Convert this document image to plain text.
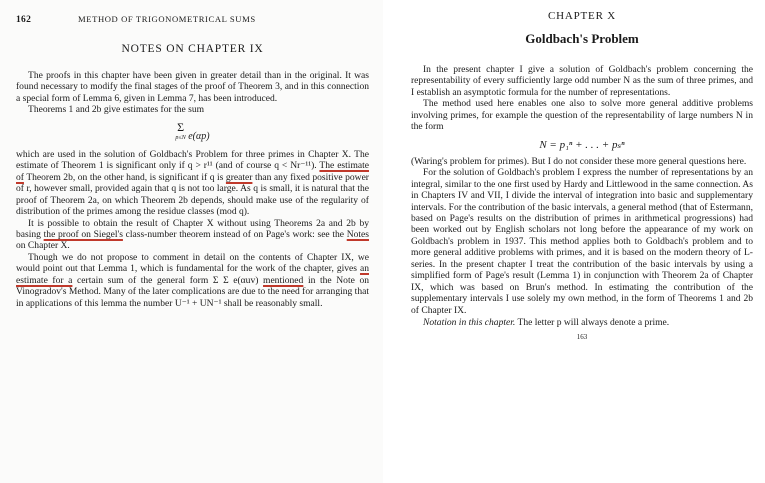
162	METHOD OF TRIGONOMETRICAL SUMS
NOTES ON CHAPTER IX

The proofs in this chapter have been given in greater detail than in the original. It was found necessary to modify the final stages of the proof of Theorem 3, and in this connection a special form of Lemma 6, given in Lemma 7, has been introduced.

Theorems 1 and 2b give estimates for the sum

Σ
p≤N e(αp)

which are used in the solution of Goldbach's Problem for three primes in Chapter X. The estimate of Theorem 1 is significant only if q > r¹¹ (and of course q < Nr⁻¹¹). The estimate of Theorem 2b, on the other hand, is significant if q is greater than any fixed positive power of r, however small, provided again that q is not too large. As q is small, it is natural that the proof of Theorem 2a, on which Theorem 2b depends, should make use of the regularity of distribution of the primes among the residue classes (mod q).

It is possible to obtain the result of Chapter X without using Theorems 2a and 2b by basing the proof on Siegel's class-number theorem instead of on Page's work: see the Notes on Chapter X.

Though we do not propose to comment in detail on the contents of Chapter IX, we would point out that Lemma 1, which is fundamental for the work of the chapter, gives an estimate for a certain sum of the general form Σ Σ e(αuv) mentioned in the Note on Vinogradov's Method. Many of the later complications are due to the need for arranging that in applications of this lemma the number U⁻¹ + UN⁻¹ shall be reasonably small.

CHAPTER X
Goldbach's Problem

In the present chapter I give a solution of Goldbach's problem concerning the representability of every sufficiently large odd number N as the sum of three primes, and I establish an asymptotic formula for the number of representations.

The method used here enables one also to solve more general additive problems involving primes, for example the question of the representability of large numbers N in the form

N = p₁ⁿ + . . . + pₛⁿ

(Waring's problem for primes). But I do not consider these more general questions here.

For the solution of Goldbach's problem I express the number of representations by an integral, similar to the one first used by Hardy and Littlewood in the same connection. As in Chapters IV and VII, I divide the interval of integration into basic and supplementary intervals. For the contribution of the basic intervals, a general method (that of Estermann, based on Page's results on the distribution of primes in arithmetical progressions) had been worked out by English scholars not long before the appearance of my work on Goldbach's problem in 1937. This method applies both to Goldbach's problem and to more general additive problems with primes, and it is based on the modern theory of L-series. In the present chapter I treat the contribution of the basic intervals by using a simplified form of Page's result (Lemma 1) in conjunction with Theorem 2a of Chapter IX, which was based on Brun's method. In estimating the contribution of the supplementary intervals I use solely my own method, in the form of Theorems 1 and 2b of Chapter IX.

Notation in this chapter. The letter p will always denote a prime.

163
